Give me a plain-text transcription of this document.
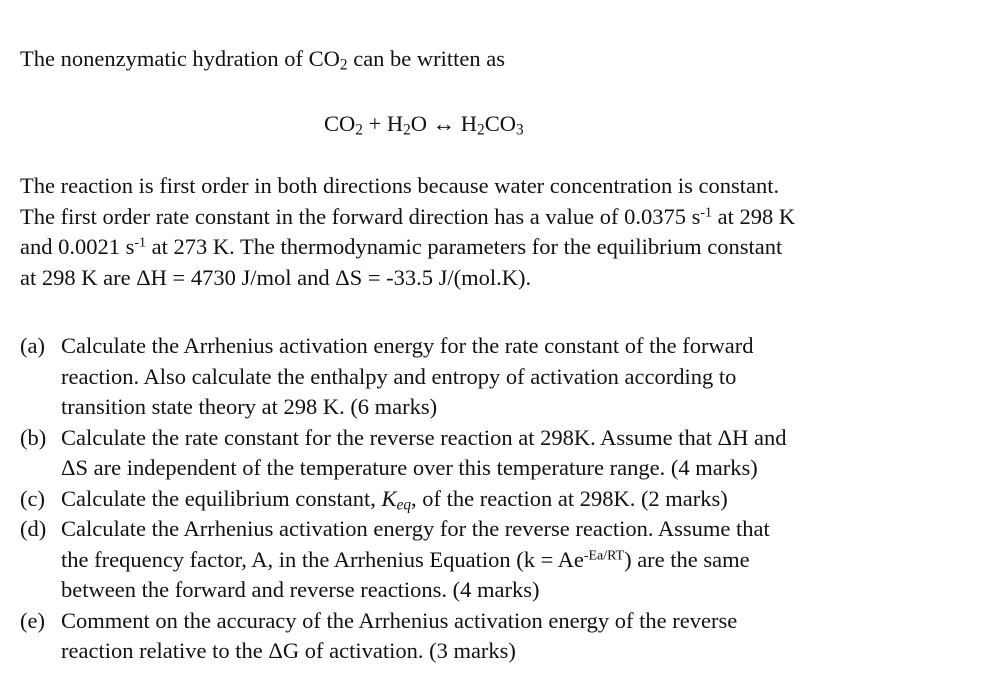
The nonenzymatic hydration of $CO_2$ can be written as
$CO_2 + H_2O$ ↔ $H_2CO_3$
The reaction is first order in both directions because water concentration is constant.
The first order rate constant in the forward direction has a value of 0.0375 $s^{-1}$ at 298 K
and 0.0021 $s^{-1}$ at 273 K. The thermodynamic parameters for the equilibrium constant
at 298 K are ΔH = 4730 J/mol and ΔS = -33.5 J/(mol.K).
(a) Calculate the Arrhenius activation energy for the rate constant of the forward
reaction. Also calculate the enthalpy and entropy of activation according to
transition state theory at 298 K. (6 marks)
(b) Calculate the rate constant for the reverse reaction at 298K. Assume that ΔH and
ΔS are independent of the temperature over this temperature range. (4 marks)
(c) Calculate the equilibrium constant, $K_{eq}$, of the reaction at 298K. (2 marks)
(d) Calculate the Arrhenius activation energy for the reverse reaction. Assume that
the frequency factor, A, in the Arrhenius Equation $(k = Ae^{-Ea/RT})$ are the same
between the forward and reverse reactions. (4 marks)
(e) Comment on the accuracy of the Arrhenius activation energy of the reverse
reaction relative to the ΔG of activation. (3 marks)
